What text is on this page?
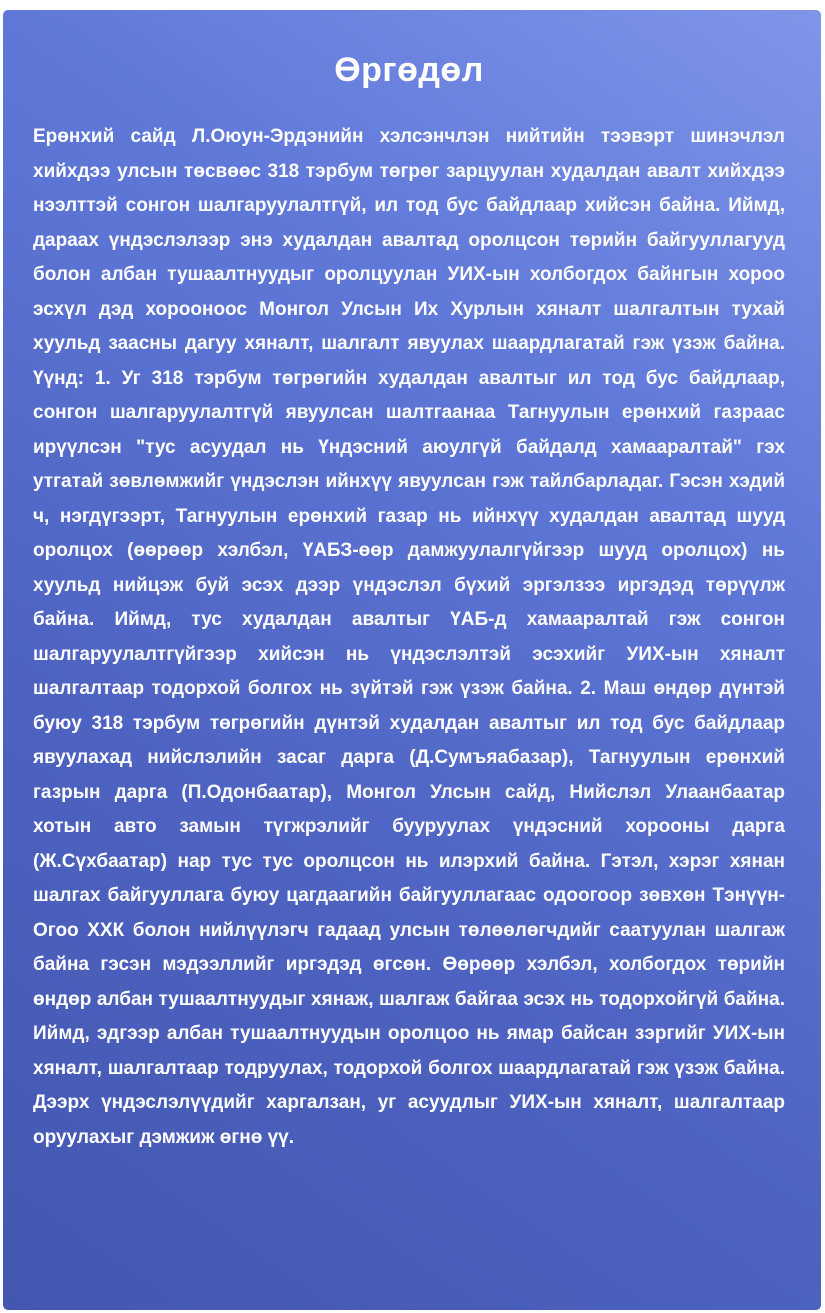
Өргөдөл

Ерөнхий сайд Л.Оюун-Эрдэнийн хэлсэнчлэн нийтийн тээвэрт шинэчлэл хийхдээ улсын төсвөөс 318 тэрбум төгрөг зарцуулан худалдан авалт хийхдээ нээлттэй сонгон шалгаруулалтгүй, ил тод бус байдлаар хийсэн байна. Иймд, дараах үндэслэлээр энэ худалдан авалтад оролцсон төрийн байгууллагууд болон албан тушаалтнуудыг оролцуулан УИХ-ын холбогдох байнгын хороо эсхүл дэд хорооноос Монгол Улсын Их Хурлын хяналт шалгалтын тухай хуульд заасны дагуу хяналт, шалгалт явуулах шаардлагатай гэж үзэж байна. Үүнд: 1. Уг 318 тэрбум төгрөгийн худалдан авалтыг ил тод бус байдлаар, сонгон шалгаруулалтгүй явуулсан шалтгаанаа Тагнуулын ерөнхий газраас ирүүлсэн "тус асуудал нь Үндэсний аюулгүй байдалд хамааралтай" гэх утгатай зөвлөмжийг үндэслэн ийнхүү явуулсан гэж тайлбарладаг. Гэсэн хэдий ч, нэгдүгээрт, Тагнуулын ерөнхий газар нь ийнхүү худалдан авалтад шууд оролцох (өөрөөр хэлбэл, ҮАБЗ-өөр дамжуулалгүйгээр шууд оролцох) нь хуульд нийцэж буй эсэх дээр үндэслэл бүхий эргэлзээ иргэдэд төрүүлж байна. Иймд, тус худалдан авалтыг ҮАБ-д хамааралтай гэж сонгон шалгаруулалтгүйгээр хийсэн нь үндэслэлтэй эсэхийг УИХ-ын хяналт шалгалтаар тодорхой болгох нь зүйтэй гэж үзэж байна. 2. Маш өндөр дүнтэй буюу 318 тэрбум төгрөгийн дүнтэй худалдан авалтыг ил тод бус байдлаар явуулахад нийслэлийн засаг дарга (Д.Сумъяабазар), Тагнуулын ерөнхий газрын дарга (П.Одонбаатар), Монгол Улсын сайд, Нийслэл Улаанбаатар хотын авто замын түгжрэлийг бууруулах үндэсний хорооны дарга (Ж.Сүхбаатар) нар тус тус оролцсон нь илэрхий байна. Гэтэл, хэрэг хянан шалгах байгууллага буюу цагдаагийн байгууллагаас одоогоор зөвхөн Тэнүүн-Огоо ХХК болон нийлүүлэгч гадаад улсын төлөөлөгчдийг саатуулан шалгаж байна гэсэн мэдээллийг иргэдэд өгсөн. Өөрөөр хэлбэл, холбогдох төрийн өндөр албан тушаалтнуудыг хянаж, шалгаж байгаа эсэх нь тодорхойгүй байна. Иймд, эдгээр албан тушаалтнуудын оролцоо нь ямар байсан зэргийг УИХ-ын хяналт, шалгалтаар тодруулах, тодорхой болгох шаардлагатай гэж үзэж байна. Дээрх үндэслэлүүдийг харгалзан, уг асуудлыг УИХ-ын хяналт, шалгалтаар оруулахыг дэмжиж өгнө үү.
